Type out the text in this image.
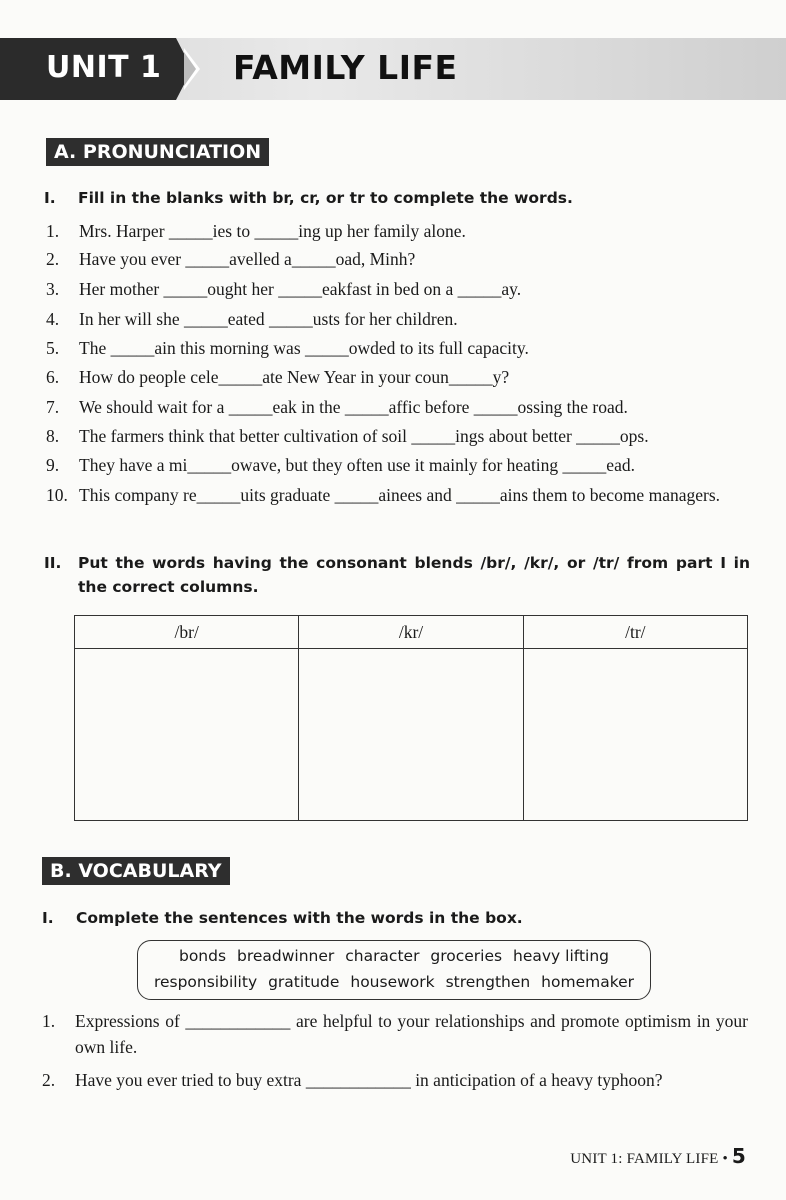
UNIT 1 FAMILY LIFE
A. PRONUNCIATION
I. Fill in the blanks with br, cr, or tr to complete the words.
1.	Mrs. Harper _____ies to _____ing up her family alone.
2.	Have you ever _____avelled a_____oad, Minh?
3.	Her mother _____ought her _____eakfast in bed on a _____ay.
4.	In her will she _____eated _____usts for her children.
5.	The _____ain this morning was _____owded to its full capacity.
6.	How do people cele_____ate New Year in your coun_____y?
7.	We should wait for a _____eak in the _____affic before _____ossing the road.
8.	The farmers think that better cultivation of soil _____ings about better _____ops.
9.	They have a mi_____owave, but they often use it mainly for heating _____ead.
10. This company re_____uits graduate _____ainees and _____ains them to become managers.
II. Put the words having the consonant blends /br/, /kr/, or /tr/ from part I in the correct columns.
/br/	/kr/	/tr/

B. VOCABULARY
I. Complete the sentences with the words in the box.
bonds breadwinner character groceries heavy lifting
responsibility gratitude housework strengthen homemaker
1.	Expressions of ____________ are helpful to your relationships and promote optimism in your own life.
2.	Have you ever tried to buy extra ____________ in anticipation of a heavy typhoon?
UNIT 1: FAMILY LIFE • 5
